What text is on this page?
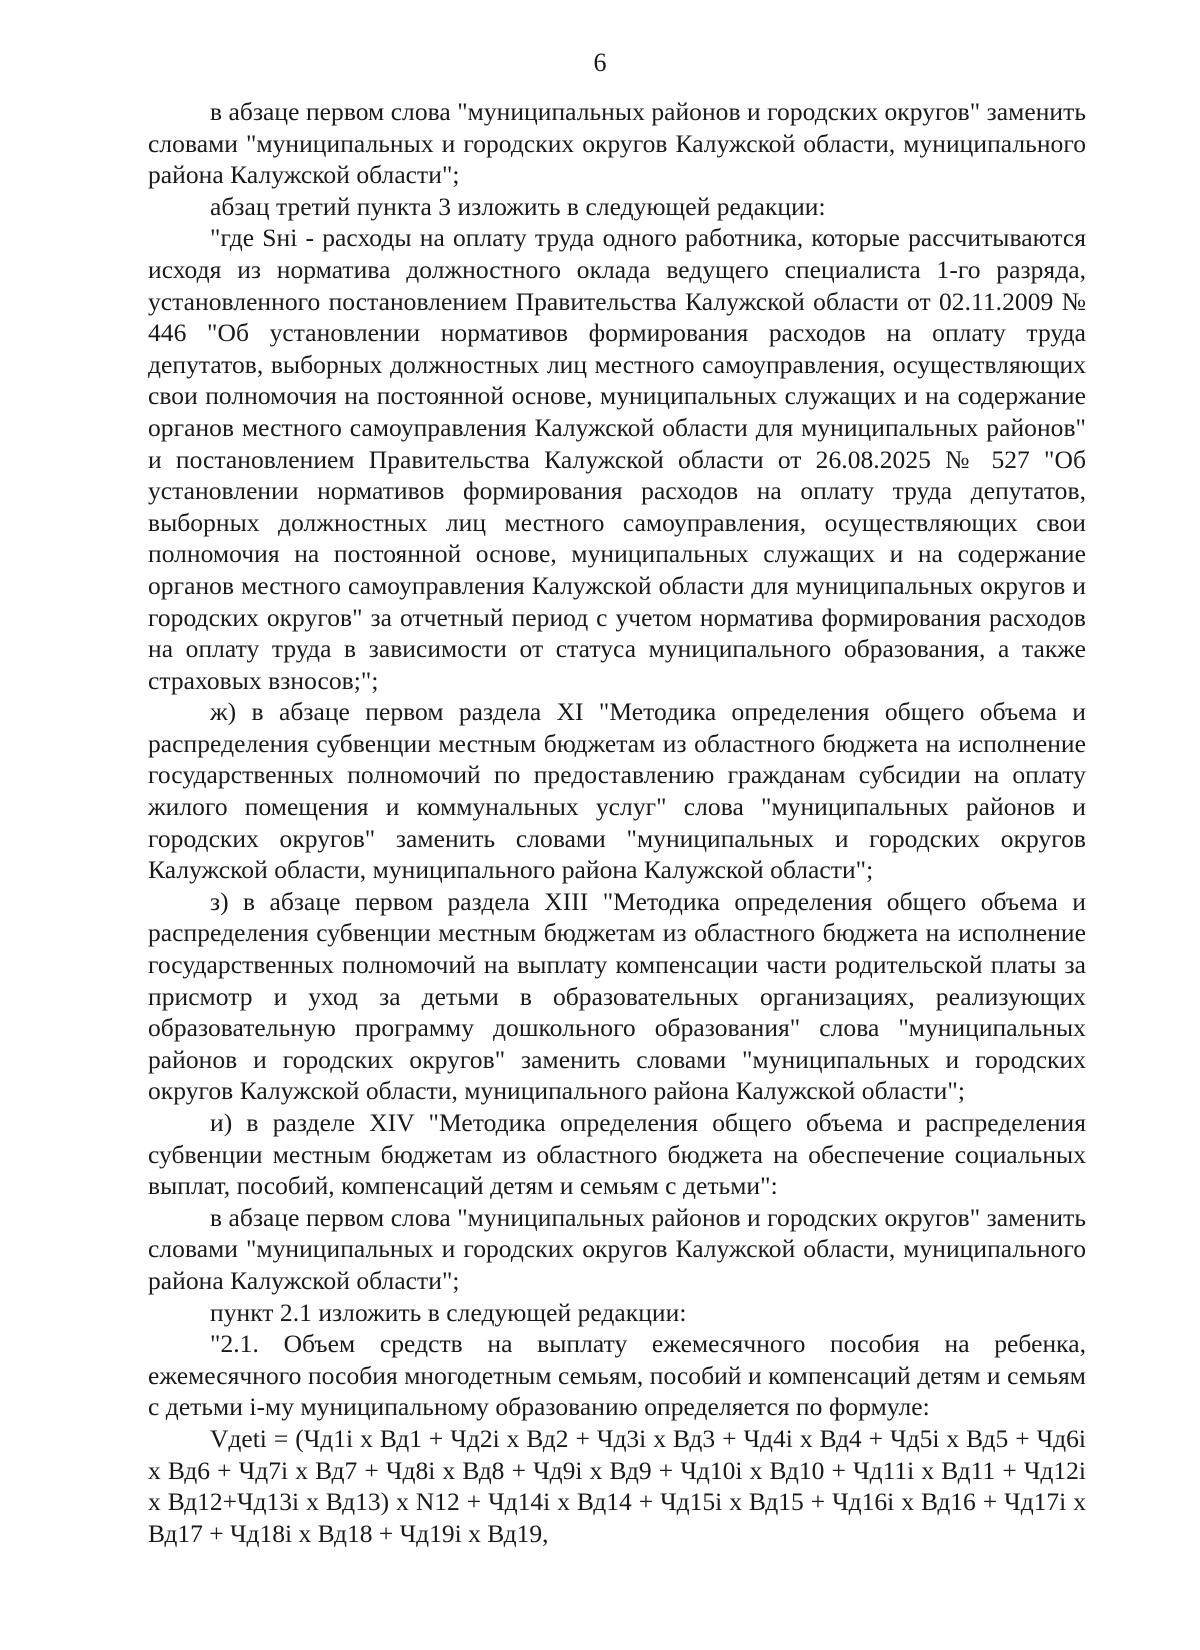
6

в абзаце первом слова "муниципальных районов и городских округов" заменить словами "муниципальных и городских округов Калужской области, муниципального района Калужской области";

абзац третий пункта 3 изложить в следующей редакции:

"где Sнi - расходы на оплату труда одного работника, которые рассчитываются исходя из норматива должностного оклада ведущего специалиста 1-го разряда, установленного постановлением Правительства Калужской области от 02.11.2009 № 446 "Об установлении нормативов формирования расходов на оплату труда депутатов, выборных должностных лиц местного самоуправления, осуществляющих свои полномочия на постоянной основе, муниципальных служащих и на содержание органов местного самоуправления Калужской области для муниципальных районов" и постановлением Правительства Калужской области от 26.08.2025 № 527 "Об установлении нормативов формирования расходов на оплату труда депутатов, выборных должностных лиц местного самоуправления, осуществляющих свои полномочия на постоянной основе, муниципальных служащих и на содержание органов местного самоуправления Калужской области для муниципальных округов и городских округов" за отчетный период с учетом норматива формирования расходов на оплату труда в зависимости от статуса муниципального образования, а также страховых взносов;";

ж) в абзаце первом раздела XI "Методика определения общего объема и распределения субвенции местным бюджетам из областного бюджета на исполнение государственных полномочий по предоставлению гражданам субсидии на оплату жилого помещения и коммунальных услуг" слова "муниципальных районов и городских округов" заменить словами "муниципальных и городских округов Калужской области, муниципального района Калужской области";

з) в абзаце первом раздела XIII "Методика определения общего объема и распределения субвенции местным бюджетам из областного бюджета на исполнение государственных полномочий на выплату компенсации части родительской платы за присмотр и уход за детьми в образовательных организациях, реализующих образовательную программу дошкольного образования" слова "муниципальных районов и городских округов" заменить словами "муниципальных и городских округов Калужской области, муниципального района Калужской области";

и) в разделе XIV "Методика определения общего объема и распределения субвенции местным бюджетам из областного бюджета на обеспечение социальных выплат, пособий, компенсаций детям и семьям с детьми":

в абзаце первом слова "муниципальных районов и городских округов" заменить словами "муниципальных и городских округов Калужской области, муниципального района Калужской области";

пункт 2.1 изложить в следующей редакции:

"2.1. Объем средств на выплату ежемесячного пособия на ребенка, ежемесячного пособия многодетным семьям, пособий и компенсаций детям и семьям с детьми i-му муниципальному образованию определяется по формуле:

Vдеti = (Чд1i x Вд1 + Чд2i x Вд2 + Чд3i x Вд3 + Чд4i x Вд4 + Чд5i x Вд5 + Чд6i x Вд6 + Чд7i x Вд7 + Чд8i x Вд8 + Чд9i x Вд9 + Чд10i x Вд10 + Чд11i x Вд11 + Чд12i x Вд12+Чд13i x Вд13) x N12 + Чд14i x Вд14 + Чд15i x Вд15 + Чд16i x Вд16 + Чд17i x Вд17 + Чд18i x Вд18 + Чд19i x Вд19,
